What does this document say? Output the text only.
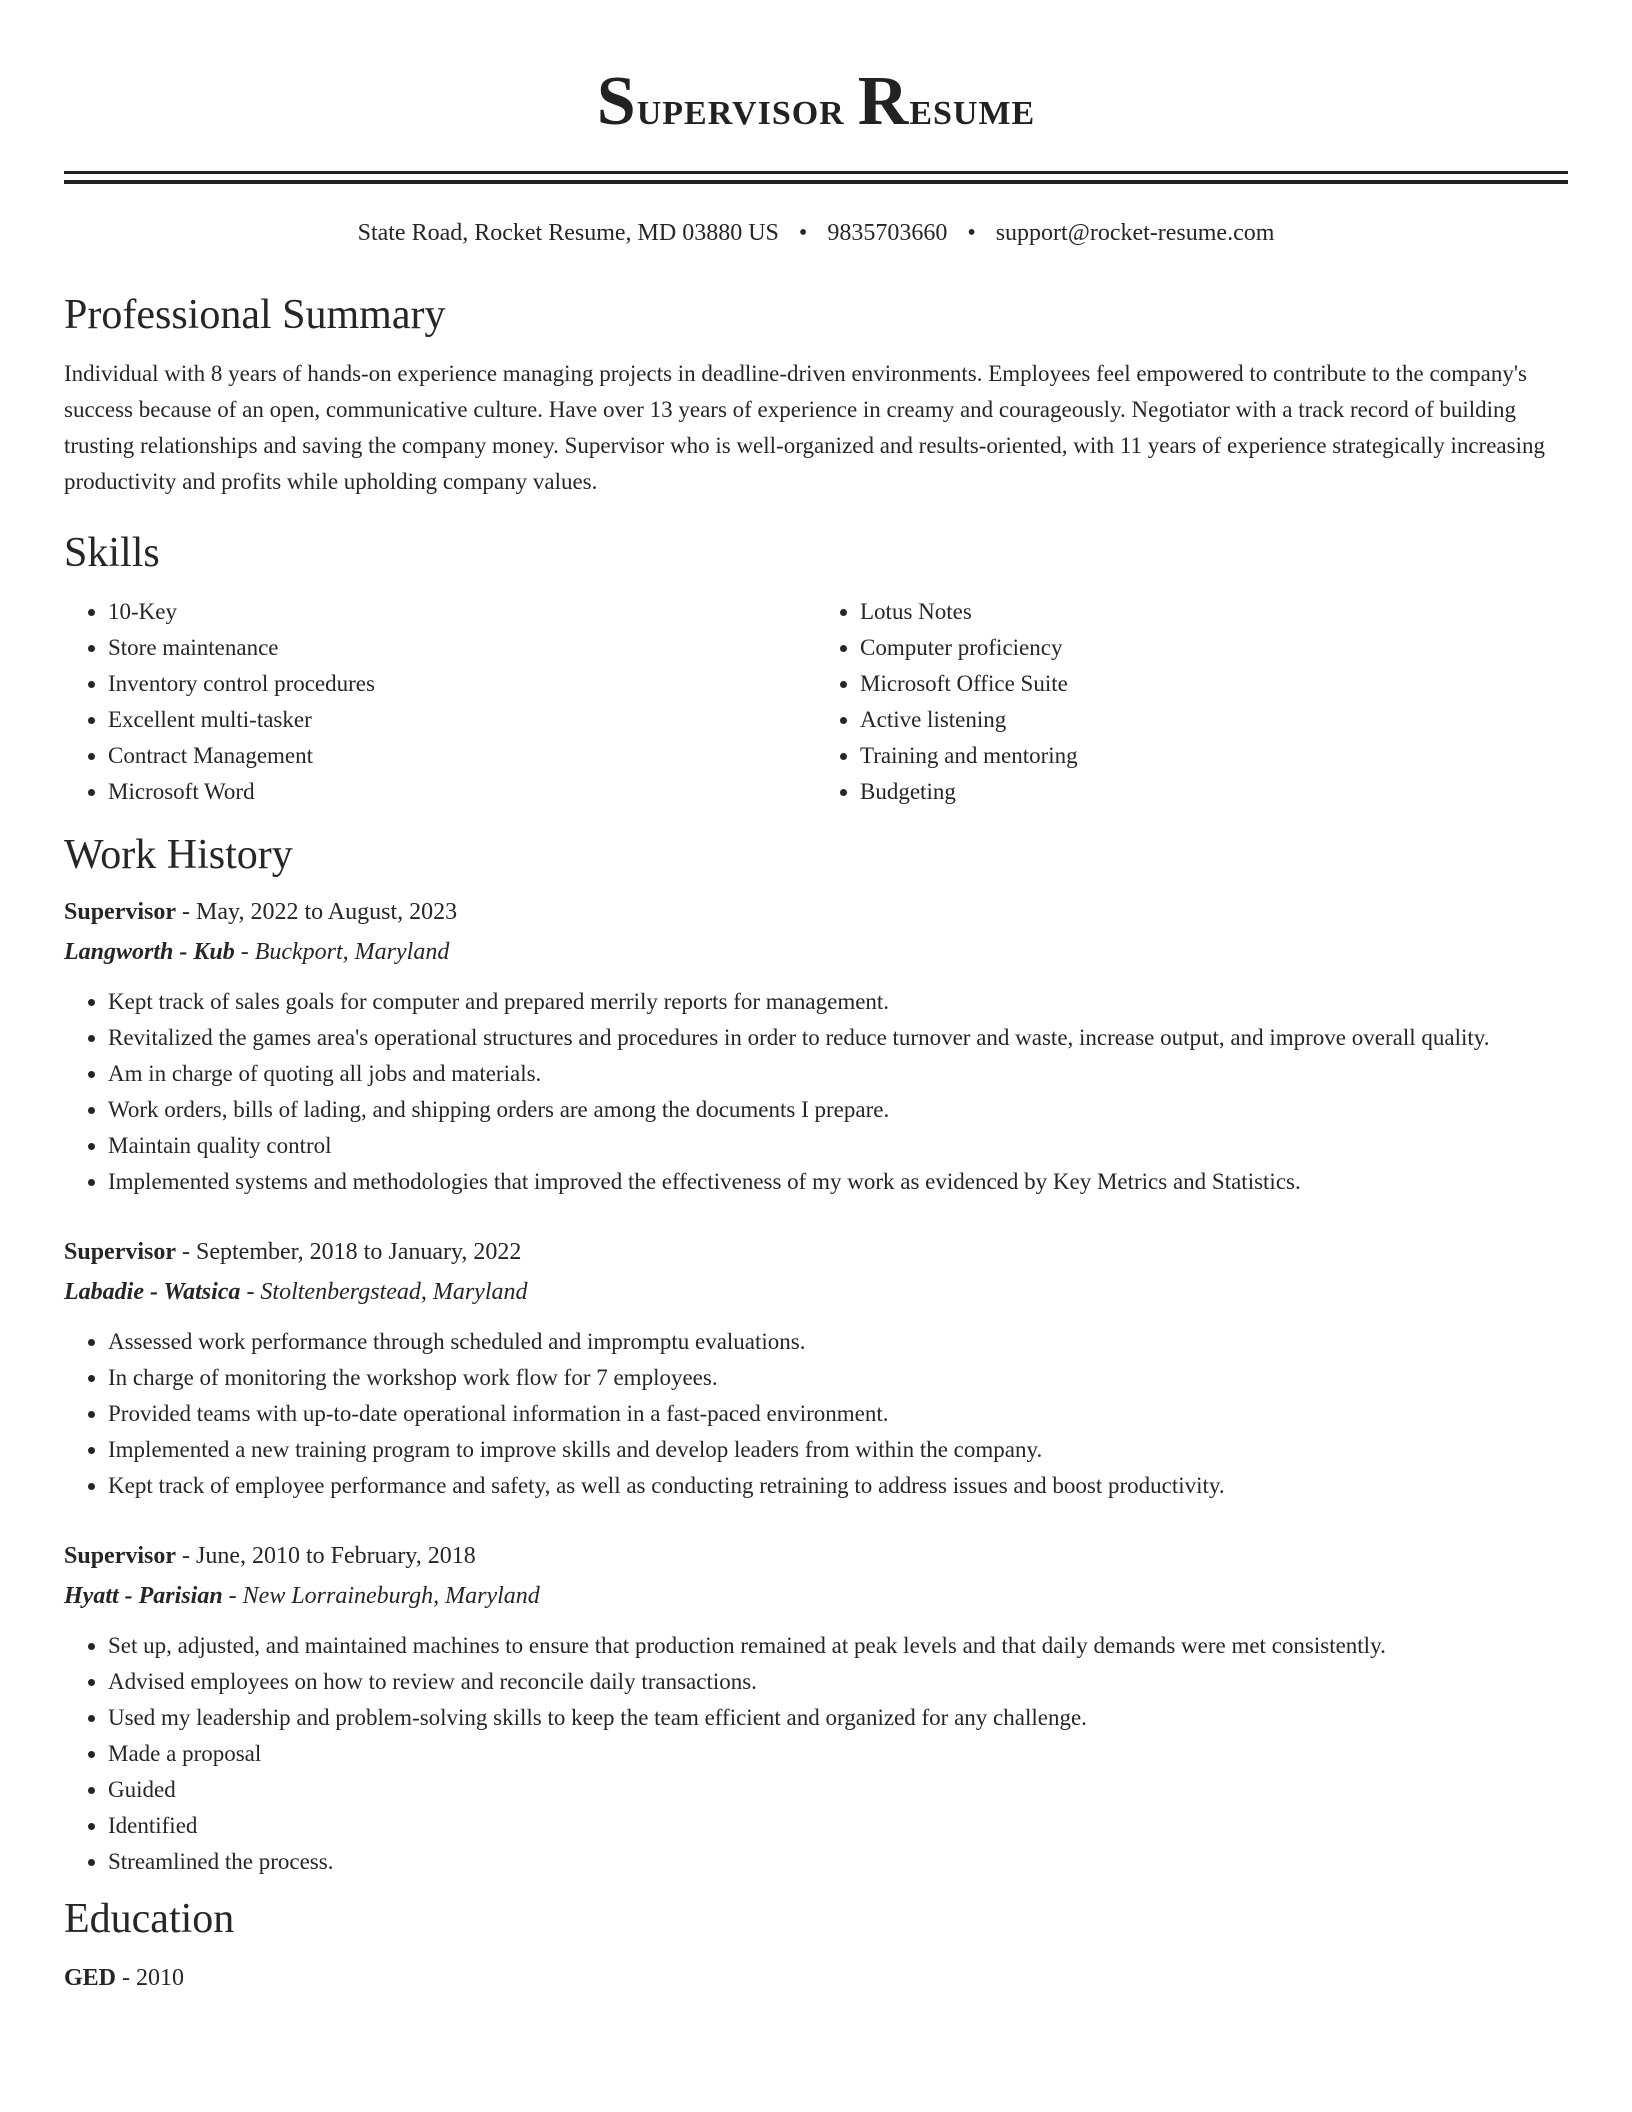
Supervisor Resume
State Road, Rocket Resume, MD 03880 US • 9835703660 • support@rocket-resume.com
Professional Summary

Individual with 8 years of hands-on experience managing projects in deadline-driven environments. Employees feel empowered to contribute to the company's success because of an open, communicative culture. Have over 13 years of experience in creamy and courageously. Negotiator with a track record of building trusting relationships and saving the company money. Supervisor who is well-organized and results-oriented, with 11 years of experience strategically increasing productivity and profits while upholding company values.

Skills
• 10-Key
• Store maintenance
• Inventory control procedures
• Excellent multi-tasker
• Contract Management
• Microsoft Word
• Lotus Notes
• Computer proficiency
• Microsoft Office Suite
• Active listening
• Training and mentoring
• Budgeting
Work History

Supervisor - May, 2022 to August, 2023

Langworth - Kub - Buckport, Maryland

• Kept track of sales goals for computer and prepared merrily reports for management.
• Revitalized the games area's operational structures and procedures in order to reduce turnover and waste, increase output, and improve overall quality.
• Am in charge of quoting all jobs and materials.
• Work orders, bills of lading, and shipping orders are among the documents I prepare.
• Maintain quality control
• Implemented systems and methodologies that improved the effectiveness of my work as evidenced by Key Metrics and Statistics.

Supervisor - September, 2018 to January, 2022

Labadie - Watsica - Stoltenbergstead, Maryland

• Assessed work performance through scheduled and impromptu evaluations.
• In charge of monitoring the workshop work flow for 7 employees.
• Provided teams with up-to-date operational information in a fast-paced environment.
• Implemented a new training program to improve skills and develop leaders from within the company.
• Kept track of employee performance and safety, as well as conducting retraining to address issues and boost productivity.

Supervisor - June, 2010 to February, 2018

Hyatt - Parisian - New Lorraineburgh, Maryland

• Set up, adjusted, and maintained machines to ensure that production remained at peak levels and that daily demands were met consistently.
• Advised employees on how to review and reconcile daily transactions.
• Used my leadership and problem-solving skills to keep the team efficient and organized for any challenge.
• Made a proposal
• Guided
• Identified
• Streamlined the process.
Education

GED - 2010
